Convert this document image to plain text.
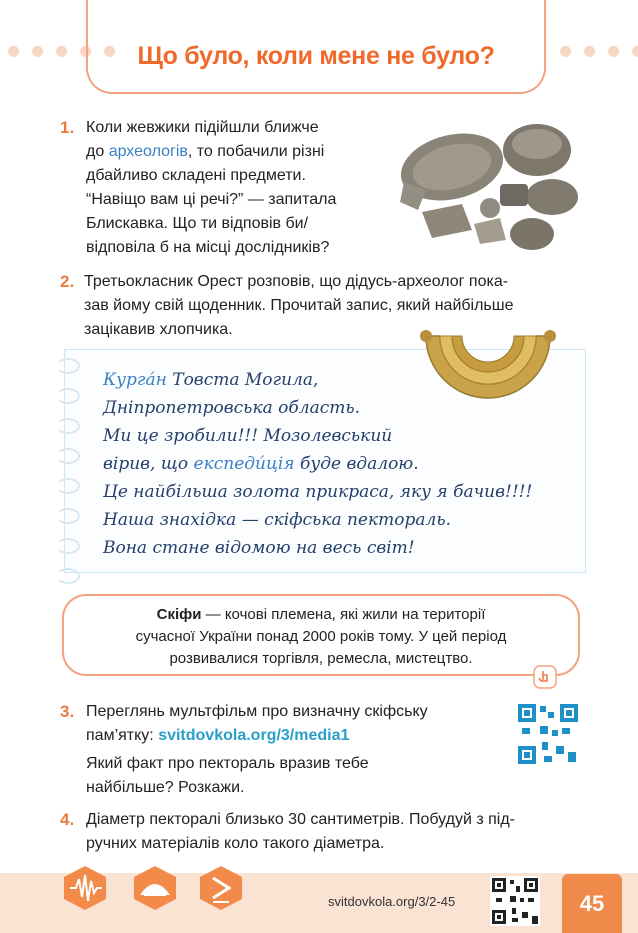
Що було, коли мене не було?
1. Коли жевжики підійшли ближче
до археологів, то побачили різні
дбайливо складені предмети.
“Навіщо вам ці речі?” — запитала
Блискавка. Що ти відповів би/
відповіла б на місці дослідників?
2. Третьокласник Орест розповів, що дідусь-археолог пока-
зав йому свій щоденник. Прочитай запис, який найбільше
зацікавив хлопчика.
Курга́н Товста Могила,
Дніпропетровська область.
Ми це зробили!!! Мозолевський
вірив, що експеди́ція буде вдалою.
Це найбільша золота прикраса, яку я бачив!!!!
Наша знахідка — скіфська пектораль.
Вона стане відомою на весь світ!
Скіфи — кочові племена, які жили на території
сучасної України понад 2000 років тому. У цей період
розвивалися торгівля, ремесла, мистецтво.
3. Переглянь мультфільм про визначну скіфську
пам’ятку: svitdovkola.org/3/media1
Який факт про пектораль вразив тебе
найбільше? Розкажи.
4. Діаметр пекторалі близько 30 сантиметрів. Побудуй з під-
ручних матеріалів коло такого діаметра.
svitdovkola.org/3/2-45	45
